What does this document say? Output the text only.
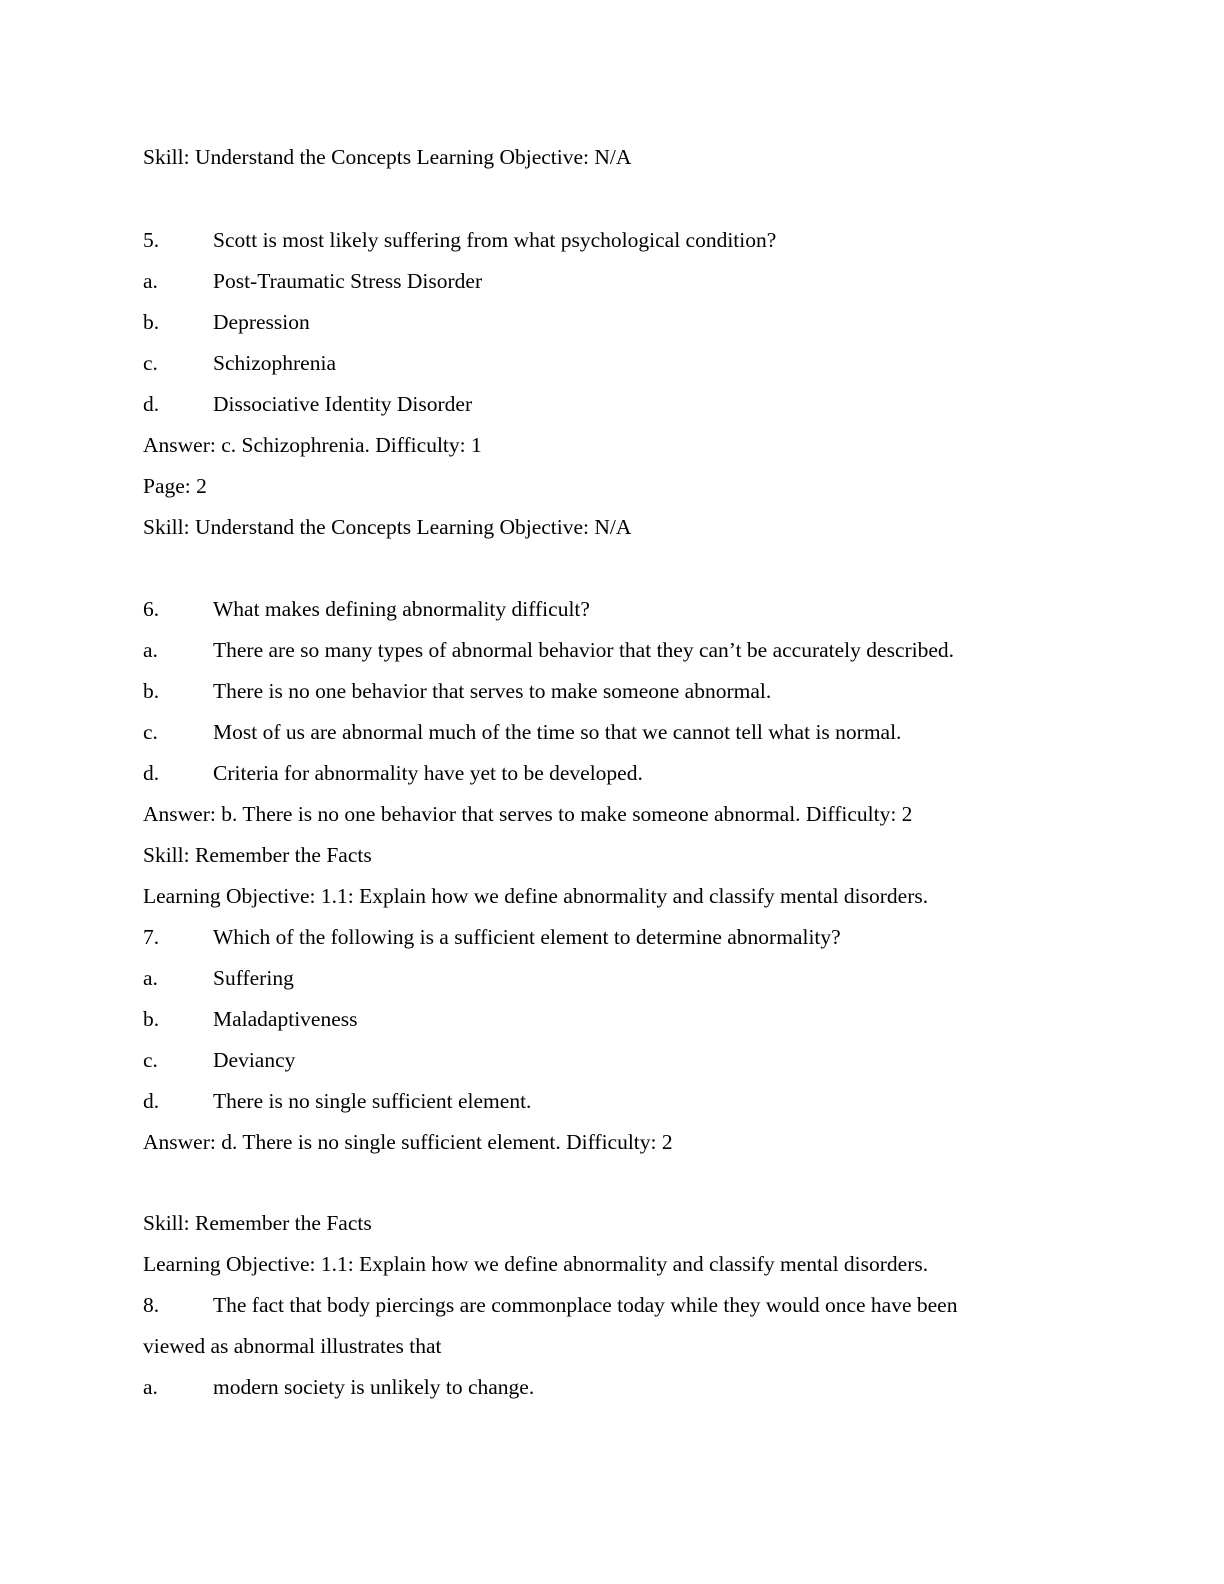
Skill: Understand the Concepts Learning Objective: N/A
5.	Scott is most likely suffering from what psychological condition?
a.	Post-Traumatic Stress Disorder
b.	Depression
c.	Schizophrenia
d.	Dissociative Identity Disorder
Answer: c. Schizophrenia. Difficulty: 1
Page: 2
Skill: Understand the Concepts Learning Objective: N/A
6.	What makes defining abnormality difficult?
a.	There are so many types of abnormal behavior that they can’t be accurately described.
b.	There is no one behavior that serves to make someone abnormal.
c.	Most of us are abnormal much of the time so that we cannot tell what is normal.
d.	Criteria for abnormality have yet to be developed.
Answer: b. There is no one behavior that serves to make someone abnormal. Difficulty: 2
Skill: Remember the Facts
Learning Objective: 1.1: Explain how we define abnormality and classify mental disorders.
7.	Which of the following is a sufficient element to determine abnormality?
a.	Suffering
b.	Maladaptiveness
c.	Deviancy
d.	There is no single sufficient element.
Answer: d. There is no single sufficient element. Difficulty: 2
Skill: Remember the Facts
Learning Objective: 1.1: Explain how we define abnormality and classify mental disorders.
8.	The fact that body piercings are commonplace today while they would once have been
viewed as abnormal illustrates that
a.	modern society is unlikely to change.
